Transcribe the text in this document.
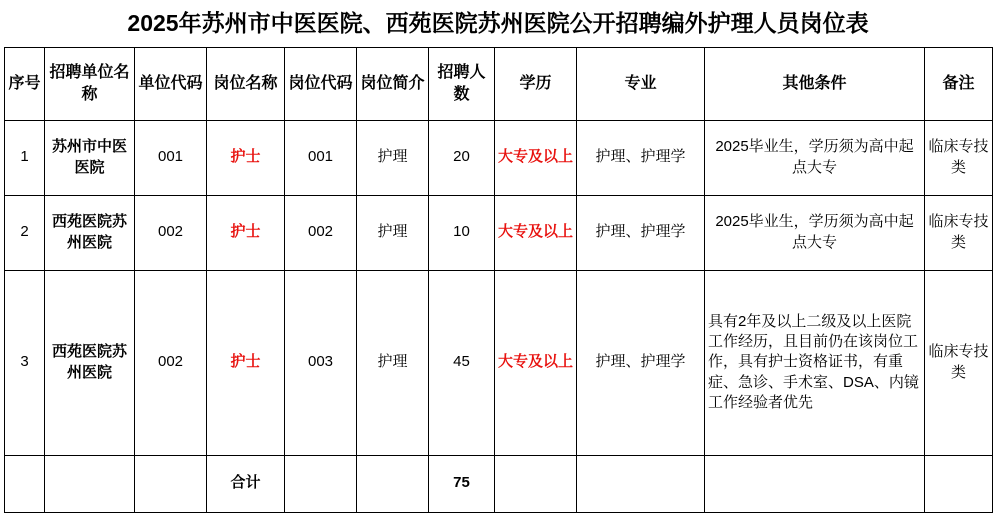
2025年苏州市中医医院、西苑医院苏州医院公开招聘编外护理人员岗位表
序号	招聘单位名称	单位代码	岗位名称	岗位代码	岗位简介	招聘人数	学历	专业	其他条件	备注
1	苏州市中医医院	001	护士	001	护理	20	大专及以上	护理、护理学	2025毕业生，学历须为高中起点大专	临床专技类
2	西苑医院苏州医院	002	护士	002	护理	10	大专及以上	护理、护理学	2025毕业生，学历须为高中起点大专	临床专技类
3	西苑医院苏州医院	002	护士	003	护理	45	大专及以上	护理、护理学	具有2年及以上二级及以上医院工作经历，且目前仍在该岗位工作，具有护士资格证书，有重症、急诊、手术室、DSA、内镜工作经验者优先	临床专技类
			合计			75				
